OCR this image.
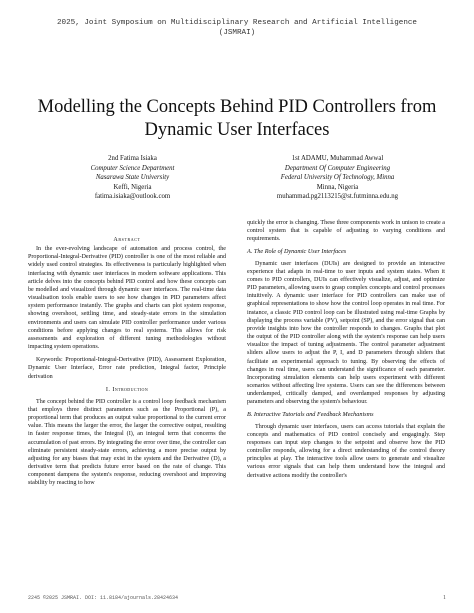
2025, Joint Symposium on Multidisciplinary Research and Artificial Intelligence (JSMRAI)
Modelling the Concepts Behind PID Controllers from Dynamic User Interfaces
2nd Fatima Isiaka
Computer Science Department
Nasarawa State University
Keffi, Nigeria
fatima.isiaka@outlook.com
1st ADAMU, Muhammad Awwal
Department Of Computer Engineering
Federal University Of Technology, Minna
Minna, Nigeria
muhammad.pg2113215@st.futminna.edu.ng
Abstract

In the ever-evolving landscape of automation and process control, the Proportional-Integral-Derivative (PID) controller is one of the most reliable and widely used control strategies. Its effectiveness is particularly highlighted when interfacing with dynamic user interfaces in modern software applications. This article delves into the concepts behind PID control and how these concepts can be modelled and visualized through dynamic user interfaces. The real-time data visualisation tools enable users to see how changes in PID parameters affect system performance instantly. The graphs and charts can plot system response, showing overshoot, settling time, and steady-state errors in the simulation environments and users can simulate PID controller performance under various conditions before applying changes to real systems. This allows for risk assessments and exploration of different tuning methodologies without impacting system operations.

Keywords: Proportional-Integral-Derivative (PID), Assessment Exploration, Dynamic User Interface, Error rate prediction, Integral factor, Principle derivation

I. Introduction

The concept behind the PID controller is a control loop feedback mechanism that employs three distinct parameters such as the Proportional (P), a proportional term that produces an output value proportional to the current error value. This means the larger the error, the larger the corrective output, resulting in faster response times, the Integral (I), an integral term that concerns the accumulation of past errors. By integrating the error over time, the controller can eliminate persistent steady-state errors, achieving a more precise output by adjusting for any biases that may exist in the system and the Derivative (D), a derivative term that predicts future error based on the rate of change. This component dampens the system's response, reducing overshoot and improving stability by reacting to how

quickly the error is changing. These three components work in unison to create a control system that is capable of adjusting to varying conditions and requirements.

A. The Role of Dynamic User Interfaces

Dynamic user interfaces (DUIs) are designed to provide an interactive experience that adapts in real-time to user inputs and system states. When it comes to PID controllers, DUIs can effectively visualize, adjust, and optimize PID parameters, allowing users to grasp complex concepts and control processes intuitively. A dynamic user interface for PID controllers can make use of graphical representations to show how the control loop operates in real time. For instance, a classic PID control loop can be illustrated using real-time Graphs by displaying the process variable (PV), setpoint (SP), and the error signal that can provide insights into how the controller responds to changes. Graphs that plot the output of the PID controller along with the system's response can help users visualize the impact of tuning adjustments. The control parameter adjustment sliders allow users to adjust the P, I, and D parameters through sliders that facilitate an experimental approach to tuning. By observing the effects of changes in real time, users can understand the significance of each parameter. Incorporating simulation elements can help users experiment with different scenarios without affecting live systems. Users can see the differences between underdamped, critically damped, and overdamped responses by adjusting parameters and observing the system's behaviour.

B. Interactive Tutorials and Feedback Mechanisms

Through dynamic user interfaces, users can access tutorials that explain the concepts and mathematics of PID control concisely and engagingly. Step responses can input step changes to the setpoint and observe how the PID controller responds, allowing for a direct understanding of the control theory principles at play. The interactive tools allow users to generate and visualize various error signals that can help them understand how the integral and derivative actions modify the controller's

2245 ©2025 JSMRAI. DOI: 11.8184/ajournals.28424634	1
